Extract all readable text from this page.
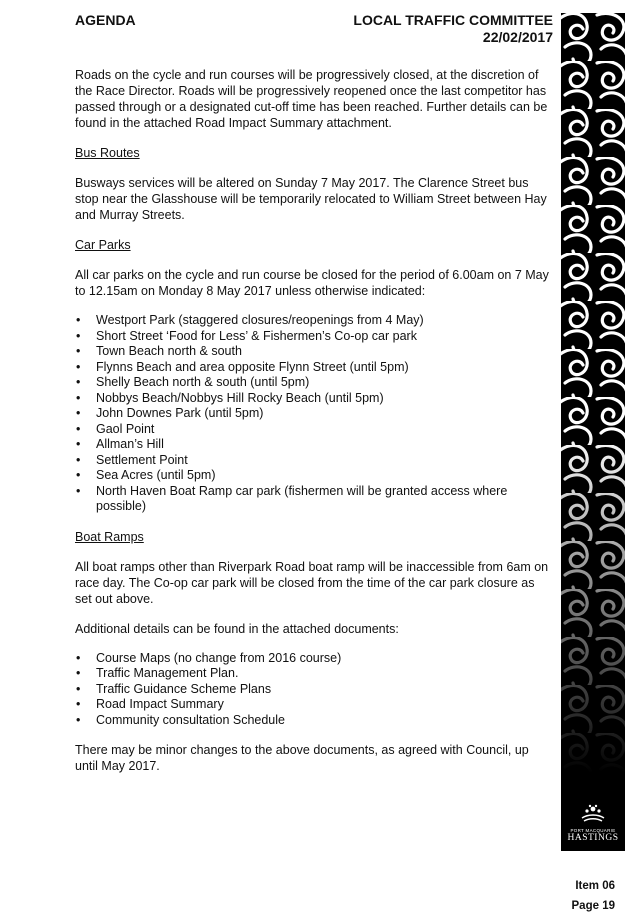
AGENDA	LOCAL TRAFFIC COMMITTEE
22/02/2017

Roads on the cycle and run courses will be progressively closed, at the discretion of the Race Director. Roads will be progressively reopened once the last competitor has passed through or a designated cut-off time has been reached. Further details can be found in the attached Road Impact Summary attachment.

Bus Routes

Busways services will be altered on Sunday 7 May 2017. The Clarence Street bus stop near the Glasshouse will be temporarily relocated to William Street between Hay and Murray Streets.

Car Parks

All car parks on the cycle and run course be closed for the period of 6.00am on 7 May to 12.15am on Monday 8 May 2017 unless otherwise indicated:

• Westport Park (staggered closures/reopenings from 4 May)
• Short Street ‘Food for Less’ & Fishermen’s Co-op car park
• Town Beach north & south
• Flynns Beach and area opposite Flynn Street (until 5pm)
• Shelly Beach north & south (until 5pm)
• Nobbys Beach/Nobbys Hill Rocky Beach (until 5pm)
• John Downes Park (until 5pm)
• Gaol Point
• Allman’s Hill
• Settlement Point
• Sea Acres (until 5pm)
• North Haven Boat Ramp car park (fishermen will be granted access where possible)
Boat Ramps

All boat ramps other than Riverpark Road boat ramp will be inaccessible from 6am on race day. The Co-op car park will be closed from the time of the car park closure as set out above.

Additional details can be found in the attached documents:

• Course Maps (no change from 2016 course)
• Traffic Management Plan.
• Traffic Guidance Scheme Plans
• Road Impact Summary
• Community consultation Schedule

There may be minor changes to the above documents, as agreed with Council, up until May 2017.

PORT MACQUARIE
HASTINGS
Item 06
Page 19
